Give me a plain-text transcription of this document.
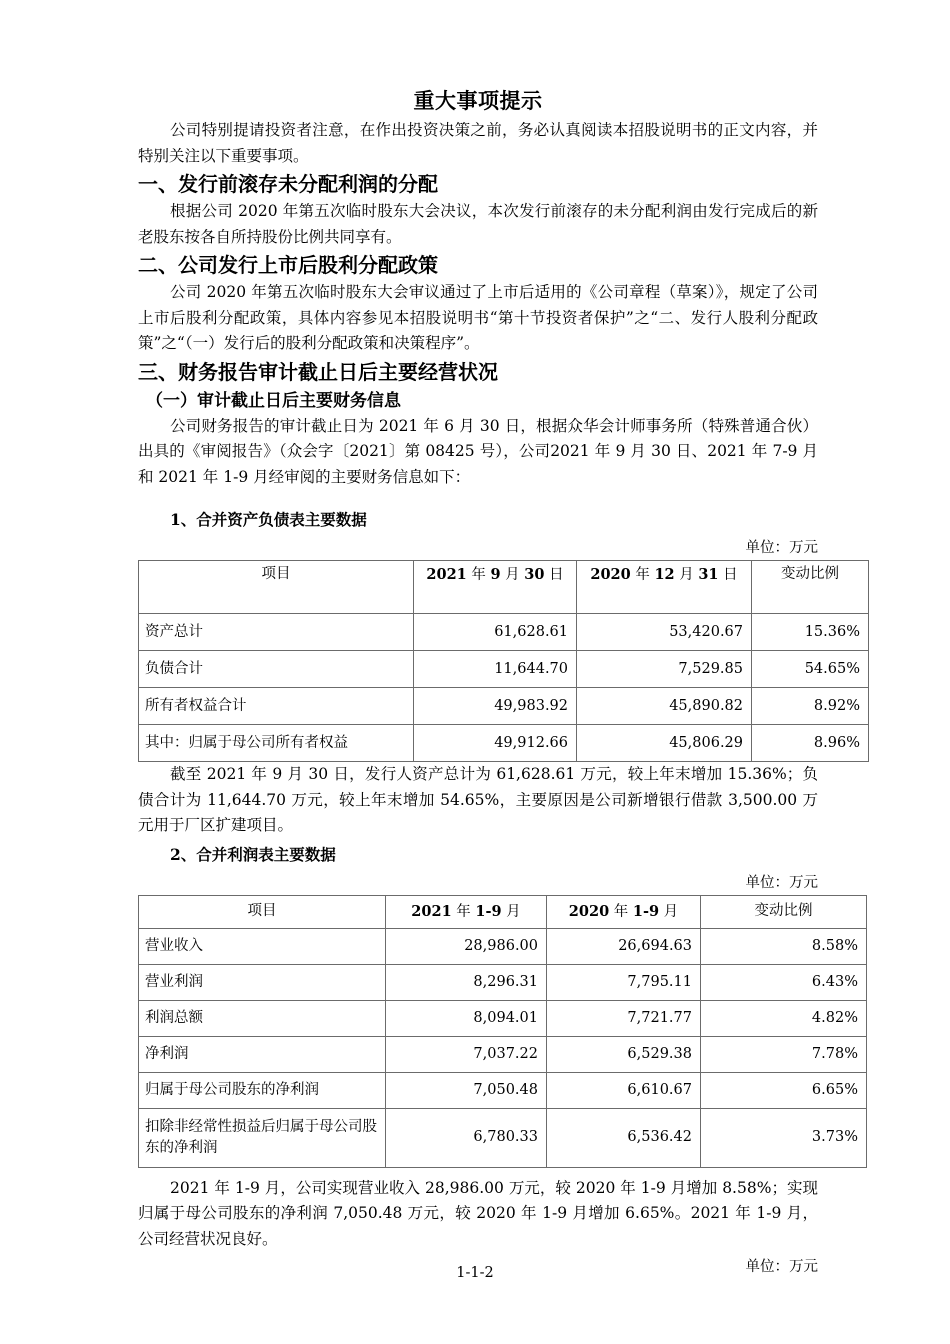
重大事项提示

公司特别提请投资者注意，在作出投资决策之前，务必认真阅读本招股说明书的正文内容，并特别关注以下重要事项。

一、发行前滚存未分配利润的分配

根据公司 2020 年第五次临时股东大会决议，本次发行前滚存的未分配利润由发行完成后的新老股东按各自所持股份比例共同享有。

二、公司发行上市后股利分配政策

公司 2020 年第五次临时股东大会审议通过了上市后适用的《公司章程（草案）》，规定了公司上市后股利分配政策，具体内容参见本招股说明书“第十节投资者保护”之“二、发行人股利分配政策”之“（一）发行后的股利分配政策和决策程序”。

三、财务报告审计截止日后主要经营状况
（一）审计截止日后主要财务信息

公司财务报告的审计截止日为 2021 年 6 月 30 日，根据众华会计师事务所（特殊普通合伙）出具的《审阅报告》（众会字〔2021〕第 08425 号），公司2021 年 9 月 30 日、2021 年 7-9 月和 2021 年 1-9 月经审阅的主要财务信息如下：

1、合并资产负债表主要数据
单位：万元
项目	2021 年 9 月 30 日	2020 年 12 月 31 日	变动比例
资产总计	61,628.61	53,420.67	15.36%
负债合计	11,644.70	7,529.85	54.65%
所有者权益合计	49,983.92	45,890.82	8.92%
其中：归属于母公司所有者权益	49,912.66	45,806.29	8.96%

截至 2021 年 9 月 30 日，发行人资产总计为 61,628.61 万元，较上年末增加 15.36%；负债合计为 11,644.70 万元，较上年末增加 54.65%，主要原因是公司新增银行借款 3,500.00 万元用于厂区扩建项目。

2、合并利润表主要数据
单位：万元
项目	2021 年 1-9 月	2020 年 1-9 月	变动比例
营业收入	28,986.00	26,694.63	8.58%
营业利润	8,296.31	7,795.11	6.43%
利润总额	8,094.01	7,721.77	4.82%
净利润	7,037.22	6,529.38	7.78%
归属于母公司股东的净利润	7,050.48	6,610.67	6.65%
扣除非经常性损益后归属于母公司股东的净利润	6,780.33	6,536.42	3.73%

2021 年 1-9 月，公司实现营业收入 28,986.00 万元，较 2020 年 1-9 月增加 8.58%；实现归属于母公司股东的净利润 7,050.48 万元，较 2020 年 1-9 月增加 6.65%。2021 年 1-9 月，公司经营状况良好。

单位：万元
1-1-2
